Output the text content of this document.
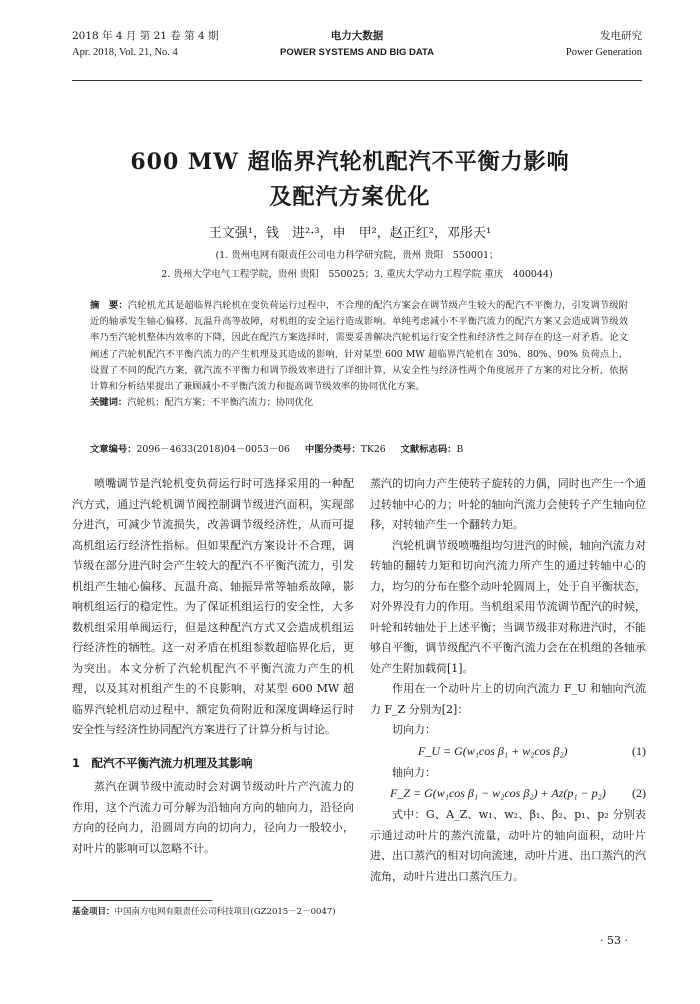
2018 年 4 月 第 21 卷 第 4 期
Apr. 2018, Vol. 21, No. 4
电力大数据
POWER SYSTEMS AND BIG DATA
发电研究
Power Generation
600 MW 超临界汽轮机配汽不平衡力影响
及配汽方案优化
王文强¹，钱　进²·³，申　甲²，赵正红²，邓彤天¹
(1. 贵州电网有限责任公司电力科学研究院，贵州 贵阳　550001；
2. 贵州大学电气工程学院，贵州 贵阳　550025；3. 重庆大学动力工程学院 重庆　400044)
摘　要：汽轮机尤其是超临界汽轮机在变负荷运行过程中，不合理的配汽方案会在调节级产生较大的配汽不平衡力，引发调节级附近的轴承发生轴心偏移、瓦温升高等故障，对机组的安全运行造成影响。单纯考虑减小不平衡汽流力的配汽方案又会造成调节级效率乃至汽轮机整体内效率的下降，因此在配汽方案选择时，需要妥善解决汽轮机运行安全性和经济性之间存在的这一对矛盾。论文阐述了汽轮机配汽不平衡汽流力的产生机理及其造成的影响，针对某型 600 MW 超临界汽轮机在 30%、80%、90% 负荷点上，设置了不同的配汽方案，就汽流不平衡力和调节级效率进行了详细计算，从安全性与经济性两个角度展开了方案的对比分析，依据计算和分析结果提出了兼顾减小不平衡汽流力和提高调节级效率的协同优化方案。
关键词：汽轮机；配汽方案；不平衡汽流力；协同优化
文章编号：2096－4633(2018)04－0053－06 中图分类号：TK26 文献标志码：B

喷嘴调节是汽轮机变负荷运行时可选择采用的一种配汽方式，通过汽轮机调节阀控制调节级进汽面积，实现部分进汽，可减少节流损失，改善调节级经济性，从而可提高机组运行经济性指标。但如果配汽方案设计不合理，调节级在部分进汽时会产生较大的配汽不平衡汽流力，引发机组产生轴心偏移、瓦温升高、轴振异常等轴系故障，影响机组运行的稳定性。为了保证机组运行的安全性，大多数机组采用单阀运行，但是这种配汽方式又会造成机组运行经济性的牺牲。这一对矛盾在机组参数超临界化后，更为突出。本文分析了汽轮机配汽不平衡汽流力产生的机理，以及其对机组产生的不良影响，对某型 600 MW 超临界汽轮机启动过程中、额定负荷附近和深度调峰运行时安全性与经济性协同配汽方案进行了计算分析与讨论。

1　配汽不平衡汽流力机理及其影响

蒸汽在调节级中流动时会对调节级动叶片产汽流力的作用，这个汽流力可分解为沿轴向方向的轴向力，沿径向方向的径向力，沿圆周方向的切向力，径向力一般较小，对叶片的影响可以忽略不计。

蒸汽的切向力产生使转子旋转的力偶，同时也产生一个通过转轴中心的力；叶轮的轴向汽流力会使转子产生轴向位移，对转轴产生一个翻转力矩。

汽轮机调节级喷嘴组均匀进汽的时候，轴向汽流力对转轴的翻转力矩和切向汽流力所产生的通过转轴中心的力，均匀的分布在整个动叶轮圆周上，处于自平衡状态，对外界没有力的作用。当机组采用节流调节配汽的时候，叶轮和转轴处于上述平衡；当调节级非对称进汽时，不能够自平衡，调节级配汽不平衡汽流力会在在机组的各轴承处产生附加载荷[1]。

作用在一个动叶片上的切向汽流力 F_U 和轴向汽流力 F_Z 分别为[2]：

切向力：
F_U = G(w₁cos β₁ + w₂cos β₂)	(1)
轴向力：
F_Z = G(w₁cos β₁ − w₂cos β₂) + Az(p₁ − p₂) (2)

式中：G、A_Z、w₁、w₂、β₁、β₂、p₁、p₂ 分别表示通过动叶片的蒸汽流量，动叶片的轴向面积，动叶片进、出口蒸汽的相对切向流速，动叶片进、出口蒸汽的汽流角，动叶片进出口蒸汽压力。

基金项目：中国南方电网有限责任公司科技项目(GZ2015－2－0047)
· 53 ·
